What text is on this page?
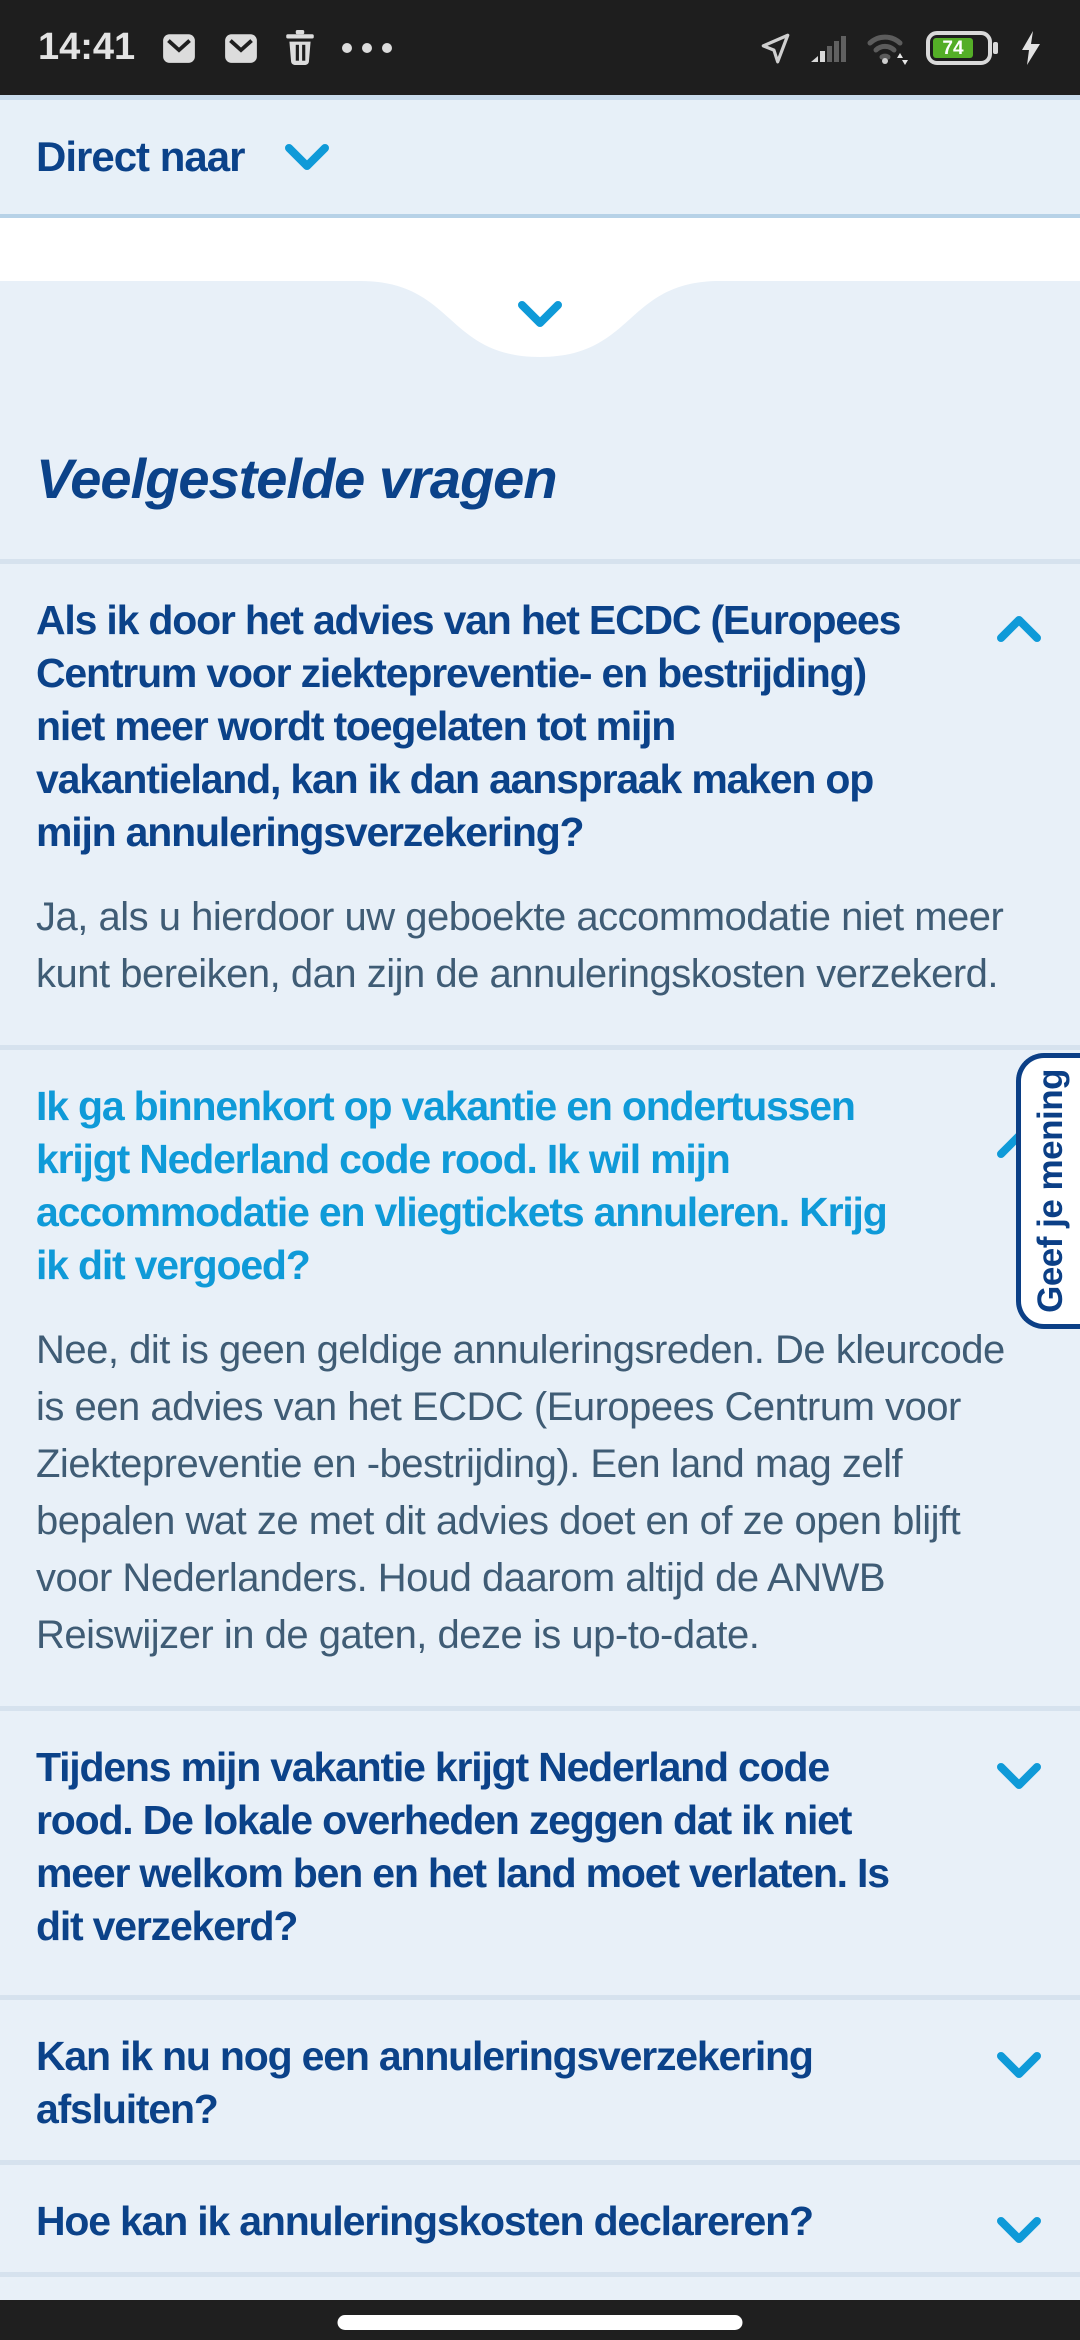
14:41	74
Direct naar
Veelgestelde vragen
Als ik door het advies van het ECDC (Europees Centrum voor ziektepreventie- en bestrijding) niet meer wordt toegelaten tot mijn vakantieland, kan ik dan aanspraak maken op mijn annuleringsverzekering?
Ja, als u hierdoor uw geboekte accommodatie niet meer kunt bereiken, dan zijn de annuleringskosten verzekerd.
Ik ga binnenkort op vakantie en ondertussen krijgt Nederland code rood. Ik wil mijn accommodatie en vliegtickets annuleren. Krijg ik dit vergoed?
Nee, dit is geen geldige annuleringsreden. De kleurcode is een advies van het ECDC (Europees Centrum voor Ziektepreventie en -bestrijding). Een land mag zelf bepalen wat ze met dit advies doet en of ze open blijft voor Nederlanders. Houd daarom altijd de ANWB Reiswijzer in de gaten, deze is up-to-date.
Tijdens mijn vakantie krijgt Nederland code rood. De lokale overheden zeggen dat ik niet meer welkom ben en het land moet verlaten. Is dit verzekerd?
Kan ik nu nog een annuleringsverzekering afsluiten?
Hoe kan ik annuleringskosten declareren?
Geef je mening
